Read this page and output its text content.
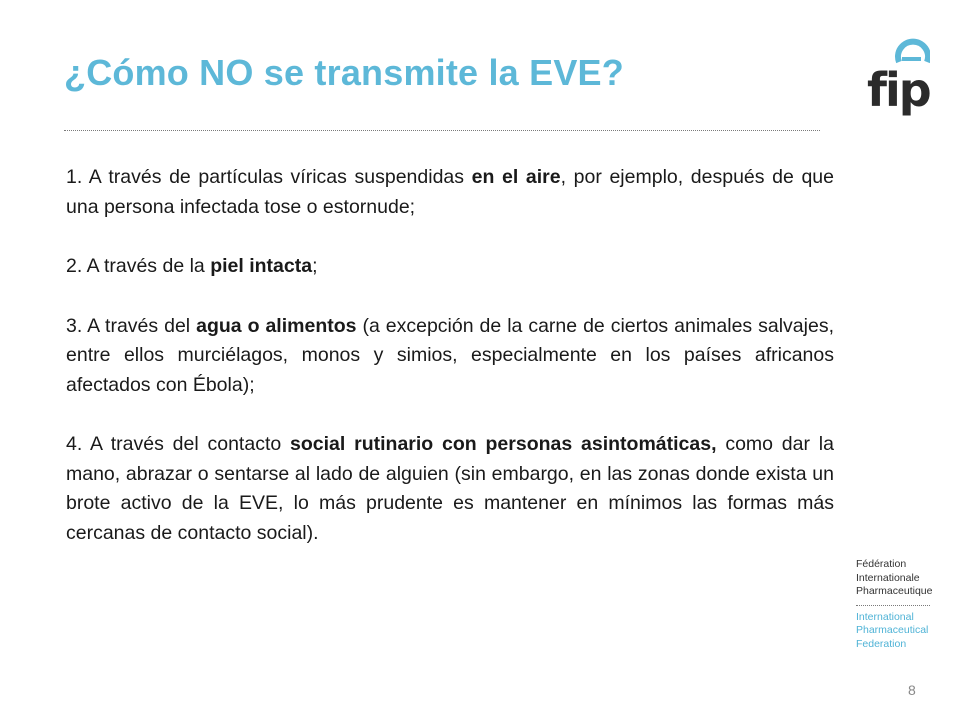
¿Cómo NO se transmite la EVE?

1. A través de partículas víricas suspendidas en el aire, por ejemplo, después de que una persona infectada tose o estornude;

2. A través de la piel intacta;

3. A través del agua o alimentos (a excepción de la carne de ciertos animales salvajes, entre ellos murciélagos, monos y simios, especialmente en los países africanos afectados con Ébola);

4. A través del contacto social rutinario con personas asintomáticas, como dar la mano, abrazar o sentarse al lado de alguien (sin embargo, en las zonas donde exista un brote activo de la EVE, lo más prudente es mantener en mínimos las formas más cercanas de contacto social).

fip
Fédération
Internationale
Pharmaceutique
International
Pharmaceutical
Federation
8
